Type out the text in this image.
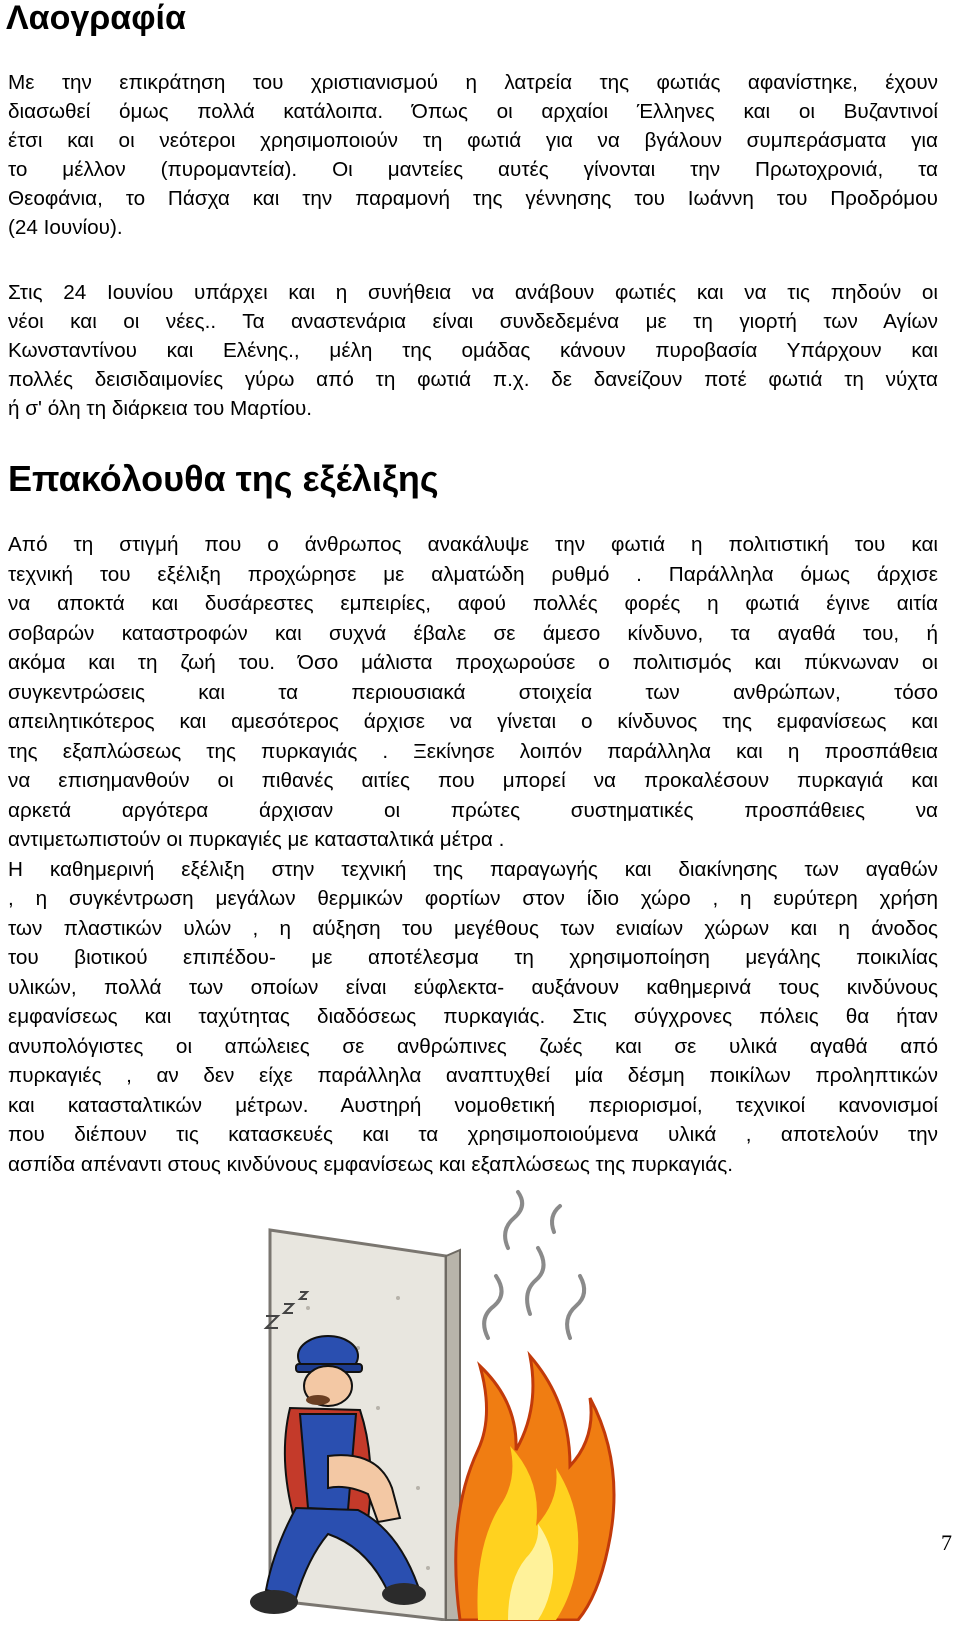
Λαογραφία
Με την επικράτηση του χριστιανισμού η λατρεία της φωτιάς αφανίστηκε, έχουν
διασωθεί όμως πολλά κατάλοιπα. Όπως οι αρχαίοι Έλληνες και οι Βυζαντινοί
έτσι και οι νεότεροι χρησιμοποιούν τη φωτιά για να βγάλουν συμπεράσματα για
το μέλλον (πυρομαντεία). Οι μαντείες αυτές γίνονται την Πρωτοχρονιά, τα
Θεοφάνια, το Πάσχα και την παραμονή της γέννησης του Ιωάννη του Προδρόμου
(24 Ιουνίου).
Στις 24 Ιουνίου υπάρχει και η συνήθεια να ανάβουν φωτιές και να τις πηδούν οι
νέοι και οι νέες.. Τα αναστενάρια είναι συνδεδεμένα με τη γιορτή των Αγίων
Κωνσταντίνου και Ελένης., μέλη της ομάδας κάνουν πυροβασία Υπάρχουν και
πολλές δεισιδαιμονίες γύρω από τη φωτιά π.χ. δε δανείζουν ποτέ φωτιά τη νύχτα
ή σ' όλη τη διάρκεια του Μαρτίου.
Επακόλουθα της εξέλιξης
Από τη στιγμή που ο άνθρωπος ανακάλυψε την φωτιά η πολιτιστική του και
τεχνική του εξέλιξη προχώρησε με αλματώδη ρυθμό . Παράλληλα όμως άρχισε
να αποκτά και δυσάρεστες εμπειρίες, αφού πολλές φορές η φωτιά έγινε αιτία
σοβαρών καταστροφών και συχνά έβαλε σε άμεσο κίνδυνο, τα αγαθά του, ή
ακόμα και τη ζωή του. Όσο μάλιστα προχωρούσε ο πολιτισμός και πύκνωναν οι
συγκεντρώσεις και τα περιουσιακά στοιχεία των ανθρώπων, τόσο
απειλητικότερος και αμεσότερος άρχισε να γίνεται ο κίνδυνος της εμφανίσεως και
της εξαπλώσεως της πυρκαγιάς . Ξεκίνησε λοιπόν παράλληλα και η προσπάθεια
να επισημανθούν οι πιθανές αιτίες που μπορεί να προκαλέσουν πυρκαγιά και
αρκετά αργότερα άρχισαν οι πρώτες συστηματικές προσπάθειες να
αντιμετωπιστούν οι πυρκαγιές με κατασταλτικά μέτρα .
Η καθημερινή εξέλιξη στην τεχνική της παραγωγής και διακίνησης των αγαθών
, η συγκέντρωση μεγάλων θερμικών φορτίων στον ίδιο χώρο , η ευρύτερη χρήση
των πλαστικών υλών , η αύξηση του μεγέθους των ενιαίων χώρων και η άνοδος
του βιοτικού επιπέδου- με αποτέλεσμα τη χρησιμοποίηση μεγάλης ποικιλίας
υλικών, πολλά των οποίων είναι εύφλεκτα- αυξάνουν καθημερινά τους κινδύνους
εμφανίσεως και ταχύτητας διαδόσεως πυρκαγιάς. Στις σύγχρονες πόλεις θα ήταν
ανυπολόγιστες οι απώλειες σε ανθρώπινες ζωές και σε υλικά αγαθά από
πυρκαγιές , αν δεν είχε παράλληλα αναπτυχθεί μία δέσμη ποικίλων προληπτικών
και κατασταλτικών μέτρων. Αυστηρή νομοθετική περιορισμοί, τεχνικοί κανονισμοί
που διέπουν τις κατασκευές και τα χρησιμοποιούμενα υλικά , αποτελούν την
ασπίδα απέναντι στους κινδύνους εμφανίσεως και εξαπλώσεως της πυρκαγιάς.
7
